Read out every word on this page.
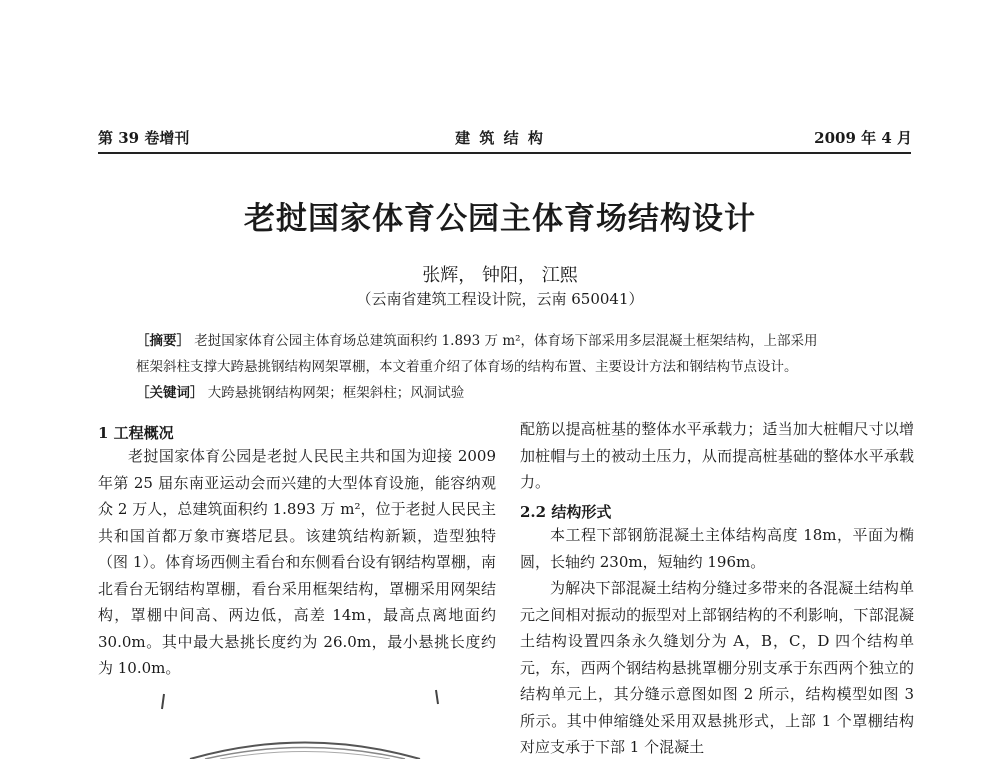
第 39 卷增刊	建 筑 结 构	2009 年 4 月
老挝国家体育公园主体育场结构设计
张辉， 钟阳， 江熙
（云南省建筑工程设计院，云南 650041）
［摘要］ 老挝国家体育公园主体育场总建筑面积约 1.893 万 m²，体育场下部采用多层混凝土框架结构，上部采用
框架斜柱支撑大跨悬挑钢结构网架罩棚，本文着重介绍了体育场的结构布置、主要设计方法和钢结构节点设计。
［关键词］ 大跨悬挑钢结构网架；框架斜柱；风洞试验
1 工程概况
老挝国家体育公园是老挝人民民主共和国为迎接 2009 年第 25 届东南亚运动会而兴建的大型体育设施，能容纳观众 2 万人，总建筑面积约 1.893 万 m²，位于老挝人民民主共和国首都万象市赛塔尼县。该建筑结构新颖，造型独特（图 1）。体育场西侧主看台和东侧看台设有钢结构罩棚，南北看台无钢结构罩棚，看台采用框架结构，罩棚采用网架结构，罩棚中间高、两边低，高差 14m，最高点离地面约 30.0m。其中最大悬挑长度约为 26.0m，最小悬挑长度约为 10.0m。
配筋以提高桩基的整体水平承载力；适当加大桩帽尺寸以增加桩帽与土的被动土压力，从而提高桩基础的整体水平承载力。
2.2 结构形式
本工程下部钢筋混凝土主体结构高度 18m，平面为椭圆，长轴约 230m，短轴约 196m。
为解决下部混凝土结构分缝过多带来的各混凝土结构单元之间相对振动的振型对上部钢结构的不利影响，下部混凝土结构设置四条永久缝划分为 A，B，C，D 四个结构单元，东，西两个钢结构悬挑罩棚分别支承于东西两个独立的结构单元上，其分缝示意图如图 2 所示，结构模型如图 3 所示。其中伸缩缝处采用双悬挑形式，上部 1 个罩棚结构对应支承于下部 1 个混凝土
